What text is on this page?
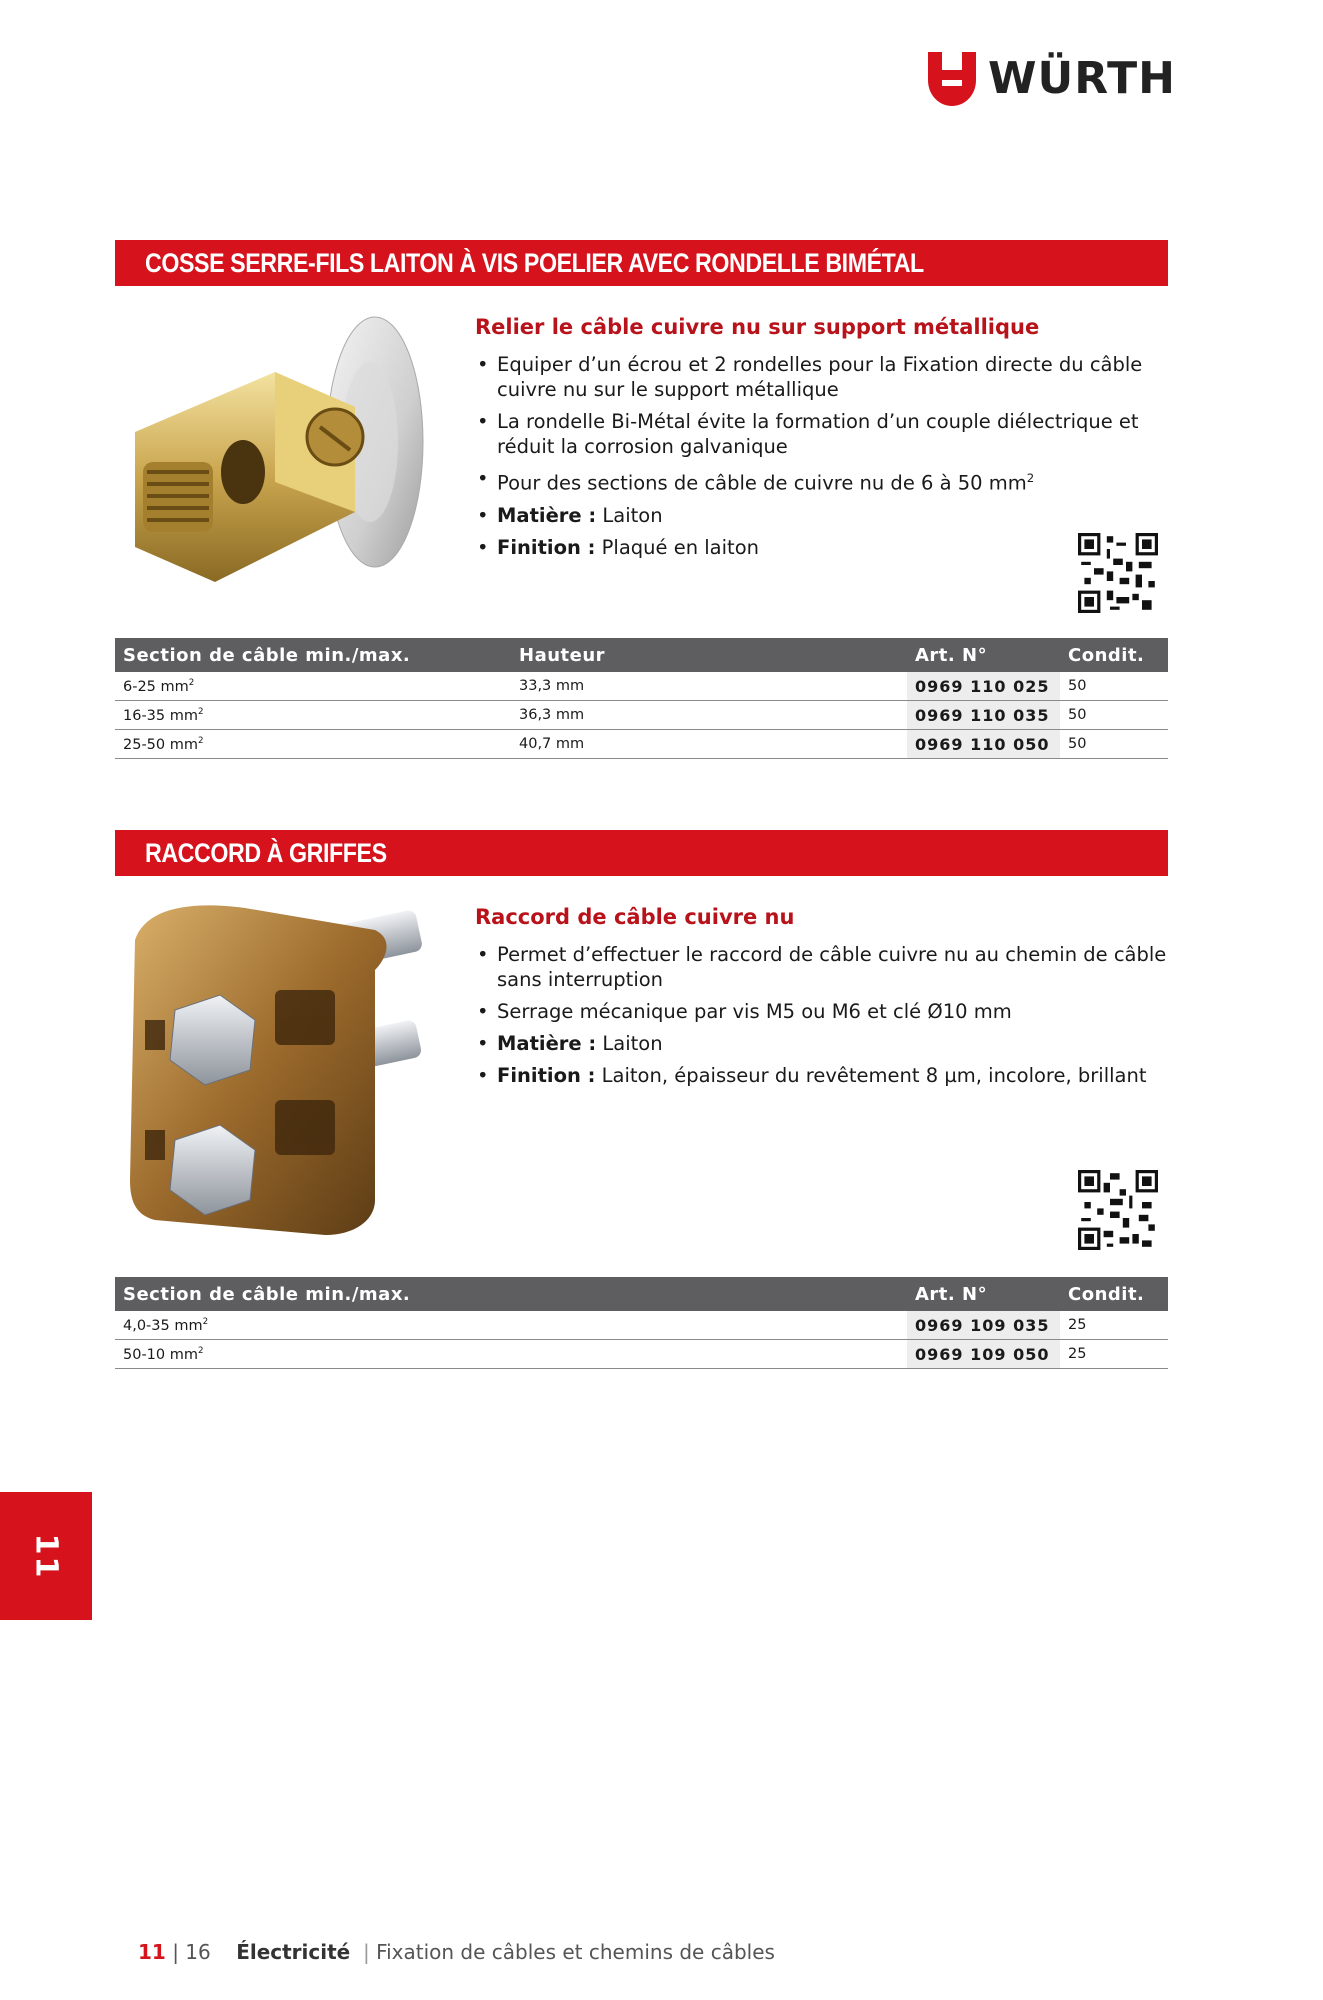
WÜRTH
COSSE SERRE-FILS LAITON À VIS POELIER AVEC RONDELLE BIMÉTAL
Relier le câble cuivre nu sur support métallique
• Equiper d’un écrou et 2 rondelles pour la Fixation directe du câble cuivre nu sur le support métallique
• La rondelle Bi-Métal évite la formation d’un couple diélectrique et réduit la corrosion galvanique
• Pour des sections de câble de cuivre nu de 6 à 50 $mm^2$
• Matière : Laiton
• Finition : Plaqué en laiton
Section de câble min./max.	Hauteur	Art. N°	Condit.
6-25 $mm^2$	33,3 mm	0969 110 025	50
16-35 $mm^2$	36,3 mm	0969 110 035	50
25-50 $mm^2$	40,7 mm	0969 110 050	50
RACCORD À GRIFFES
Raccord de câble cuivre nu
• Permet d’effectuer le raccord de câble cuivre nu au chemin de câble sans interruption
• Serrage mécanique par vis M5 ou M6 et clé Ø10 mm
• Matière : Laiton
• Finition : Laiton, épaisseur du revêtement 8 µm, incolore, brillant
Section de câble min./max.	Art. N°	Condit.
4,0-35 $mm^2$	0969 109 035	25
50-10 $mm^2$	0969 109 050	25
11
11 | 16 Électricité  | Fixation de câbles et chemins de câbles
